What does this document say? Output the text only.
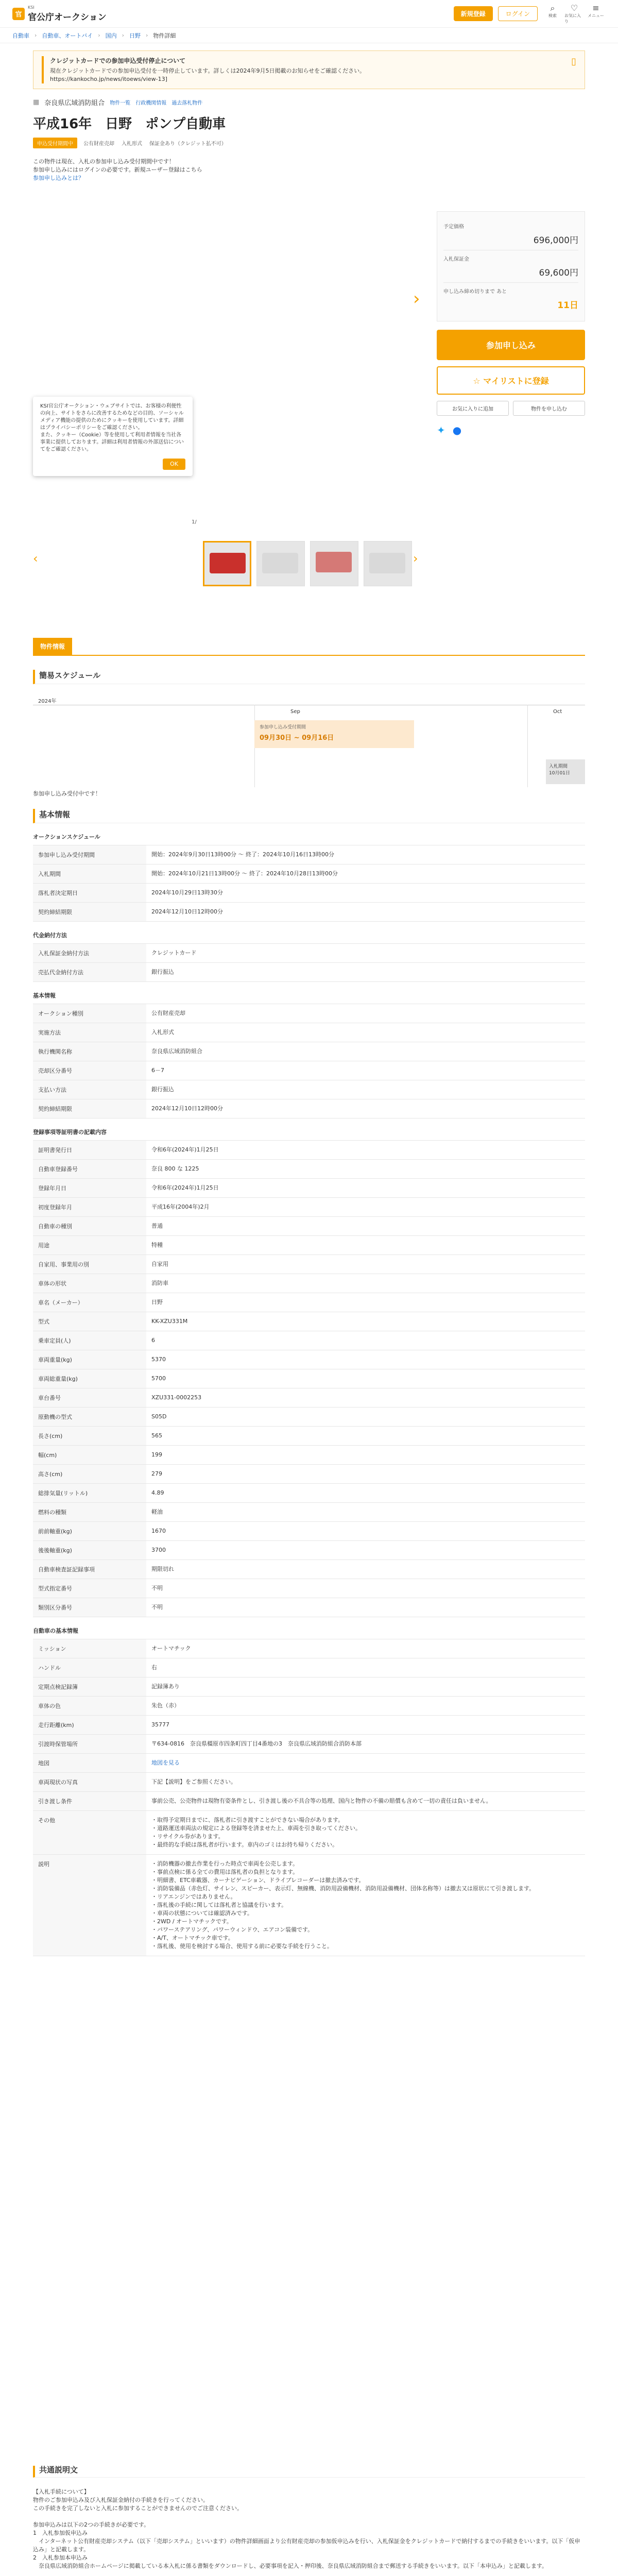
官
KSI
官公庁オークション	新規登録	ログイン
⌕
検索
♡
お気に入り
≡
メニュー
自動車 › 自動車、オートバイ › 国内 › 日野 › 物件詳細
クレジットカードでの参加申込受付停止について
現在クレジットカードでの参加申込受付を一時停止しています。詳しくは2024年9月5日掲載のお知らせをご確認ください。
https://kankocho.jp/news/itoews/view-13]
▯
▦ 奈良県広域消防組合 物件一覧 行政機関情報 過去落札物件
平成16年　日野　ポンプ自動車
申込受付期間中	公有財産売却 入札形式 保証金あり（クレジット払不可）
この物件は現在、入札の参加申し込み受付期間中です！
参加申し込みにはログインの必要です。新規ユーザー登録はこちら
参加申し込みとは？
›
KSI官公庁オークション・ウェブサイトでは、お客様の利便性の向上、サイトをさらに改善するためなどの目的、ソーシャルメディア機能の提供のためにクッキーを使用しています。詳細はプライバシーポリシーをご確認ください。
また、クッキー（Cookie）等を使用して利用者情報を当社各事業に提供しております。詳細は利用者情報の外部送信についてをご確認ください。
OK
1/
‹	›
予定価格
696,000円
入札保証金
69,600円
申し込み締め切りまで あと
11日
参加申し込み
☆ マイリストに登録
お気に入りに追加	物件を申し込む
✦ ●
物件情報
簡易スケジュール
2024年
Sep	Oct
参加申し込み受付期間
09月30日 ~ 09月16日
入札期間
10月01日
参加申し込み受付中です！
基本情報
オークションスケジュール
参加申し込み受付期間	開始：2024年9月30日13時00分 〜 終了：2024年10月16日13時00分
入札期間	開始：2024年10月21日13時00分 〜 終了：2024年10月28日13時00分
落札者決定期日	2024年10月29日13時30分
契約締結期限	2024年12月10日12時00分
代金納付方法
入札保証金納付方法	クレジットカード
売払代金納付方法	銀行振込
基本情報
オークション種別	公有財産売却
実施方法	入札形式
執行機関名称	奈良県広域消防組合
売却区分番号	6－7
支払い方法	銀行振込
契約締結期限	2024年12月10日12時00分
登録事項等証明書の記載内容
証明書発行日	令和6年(2024年)1月25日
自動車登録番号	奈良 800 な 1225
登録年月日	令和6年(2024年)1月25日
初度登録年月	平成16年(2004年)2月
自動車の種別	普通
用途	特種
自家用、事業用の別	自家用
車体の形状	消防車
車名（メーカー）	日野
型式	KK-XZU331M
乗車定員(人)	6
車両重量(kg)	5370
車両総重量(kg)	5700
車台番号	XZU331-0002253
原動機の型式	S05D
長さ(cm)	565
幅(cm)	199
高さ(cm)	279
総排気量(リットル)	4.89
燃料の種類	軽油
前前軸重(kg)	1670
後後軸重(kg)	3700
自動車検査証記録事項	期限切れ
型式指定番号	不明
類別区分番号	不明
自動車の基本情報
ミッション	オートマチック
ハンドル	右
定期点検記録簿	記録簿あり
車体の色	朱色（赤）
走行距離(km)	35777
引渡時保管場所	〒634-0816　奈良県橿原市四条町四丁目4番地の3　奈良県広域消防組合消防本部
地図	地図を見る
車両現状の写真	下記【説明】をご参照ください。
引き渡し条件	事前公売、公売物件は現物有姿条件とし、引き渡し後の不具合等の処理、国内と物件の不備の賠償も含めて一切の責任は負いません。
その他	・取得予定期日までに、落札者に引き渡すことができない場合があります。
・道路運送車両法の規定による登録等を済ませた上、車両を引き取ってください。
・リサイクル券があります。
・最終的な手続は落札者が行います。車内のゴミはお持ち帰りください。
説明	・消防機器の撤去作業を行った時点で車両を公売します。
・事前点検に係る全ての費用は落札者の負担となります。
・明細書、ETC車載器、カーナビゲーション、ドライブレコーダーは撤去済みです。
・消防装備品（赤色灯、サイレン、スピーカー、表示灯、無線機、消防用設備機材、消防用設備機材、団体名称等）は撤去又は原状にて引き渡します。
・リアエンジンではありません。
・落札後の手続に関しては落札者と協議を行います。
・車両の状態については確認済みです。
・2WD / オートマチックです。
・パワーステアリング、パワーウィンドウ、エアコン装備です。
・A/T、オートマチック車です。
・落札後、使用を検討する場合、使用する前に必要な手続を行うこと。
共通説明文

【入札手続について】
物件のご参加申込み及び入札保証金納付の手続きを行ってください。
この手続きを完了しないと入札に参加することができませんのでご注意ください。

参加申込みは以下の2つの手続きが必要です。
1　入札参加仮申込み
　インターネット公有財産売却システム（以下「売却システム」といいます）の物件詳細画面より公有財産売却の参加仮申込みを行い、入札保証金をクレジットカードで納付するまでの手続きをいいます。以下「仮申込み」と記載します。
2　入札参加本申込み
　奈良県広域消防組合ホームページに掲載している本入札に係る書類をダウンロードし、必要事項を記入・押印後、奈良県広域消防組合まで郵送する手続きをいいます。以下「本申込み」と記載します。
